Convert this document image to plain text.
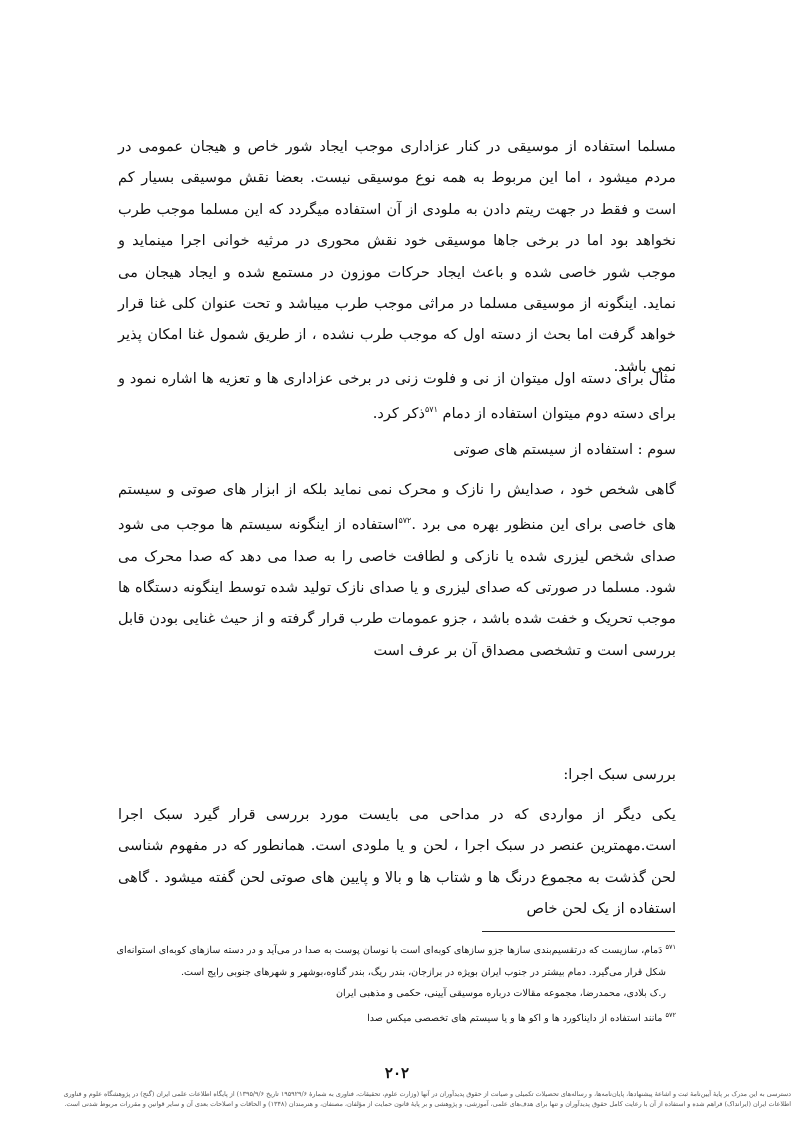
مسلما استفاده از موسیقی در کنار عزاداری موجب ایجاد شور خاص و هیجان عمومی در مردم میشود ، اما این مربوط به همه نوع موسیقی نیست. بعضا نقش موسیقی بسیار کم است و فقط در جهت ریتم دادن به ملودی از آن استفاده میگردد که این مسلما موجب طرب نخواهد بود اما در برخی جاها موسیقی خود نقش محوری در مرثیه خوانی اجرا مینماید و موجب شور خاصی شده و باعث ایجاد حرکات موزون در مستمع شده و ایجاد هیجان می نماید. اینگونه از موسیقی مسلما در مراثی موجب طرب میباشد و تحت عنوان کلی غنا قرار خواهد گرفت اما بحث از دسته اول که موجب طرب نشده ، از طریق شمول غنا امکان پذیر نمی باشد.
مثال برای دسته اول میتوان از نی و فلوت زنی در برخی عزاداری ها و تعزیه ها اشاره نمود و برای دسته دوم میتوان استفاده از دمام $^{۵۷۱}$ذکر کرد.
سوم : استفاده از سیستم های صوتی
گاهی شخص خود ، صدایش را نازک و محرک نمی نماید بلکه از ابزار های صوتی و سیستم های خاصی برای این منظور بهره می برد .$^{۵۷۲}$استفاده از اینگونه سیستم ها موجب می شود صدای شخص لیزری شده یا نازکی و لطافت خاصی را به صدا می دهد که صدا محرک می شود. مسلما در صورتی که صدای لیزری و یا صدای نازک تولید شده توسط اینگونه دستگاه ها موجب تحریک و خفت شده باشد ، جزو عمومات طرب قرار گرفته و از حیث غنایی بودن قابل بررسی است و تشخصی مصداق آن بر عرف است
بررسی سبک اجرا:
یکی دیگر از مواردی که در مداحی می بایست مورد بررسی قرار گیرد سبک اجرا است.مهمترین عنصر در سبک اجرا ، لحن و یا ملودی است. همانطور که در مفهوم شناسی لحن گذشت به مجموع درنگ ها و شتاب ها و بالا و پایین های صوتی لحن گفته میشود . گاهی استفاده از یک لحن خاص
$^{۵۷۱}$ دَمام، سازیست که درتقسیم‌بندی سازها جزو سازهای کوبه‌ای است با نوسان پوست به صدا در می‌آید و در دسته سازهای کوبه‌ای استوانه‌ای
شکل قرار می‌گیرد. دمام بیشتر در جنوب ایران بویژه در برازجان، بندر ریگ، بندر گناوه،بوشهر و شهرهای جنوبی رایج است.
ر.ک بلادی، محمدرضا، مجموعه مقالات درباره موسیقی آیینی، حکمی و مذهبی ایران
$^{۵۷۲}$ مانند استفاده از دایناکورد ها و اکو ها و یا سیستم های تخصصی میکس صدا
۲۰۲
دسترسی به این مدرک بر پایهٔ آیین‌نامهٔ ثبت و اشاعهٔ پیشنهادها، پایان‌نامه‌ها، و رساله‌های تحصیلات تکمیلی و صیانت از حقوق پدیدآوران در آنها (وزارت علوم، تحقیقات، فناوری به شمارهٔ ۱۹۵۹۲۹/۶ تاریخ ۱۳۹۵/۹/۶) از پایگاه اطلاعات علمی ایران (گنج) در پژوهشگاه علوم و فناوری
اطلاعات ایران (ایرانداک) فراهم شده و استفاده از آن با رعایت کامل حقوق پدیدآوران و تنها برای هدف‌های علمی، آموزشی، و پژوهشی و بر پایهٔ قانون حمایت از مؤلفان، مصنفان، و هنرمندان (۱۳۴۸) و الحاقات و اصلاحات بعدی آن و سایر قوانین و مقررات مربوط شدنی است.
